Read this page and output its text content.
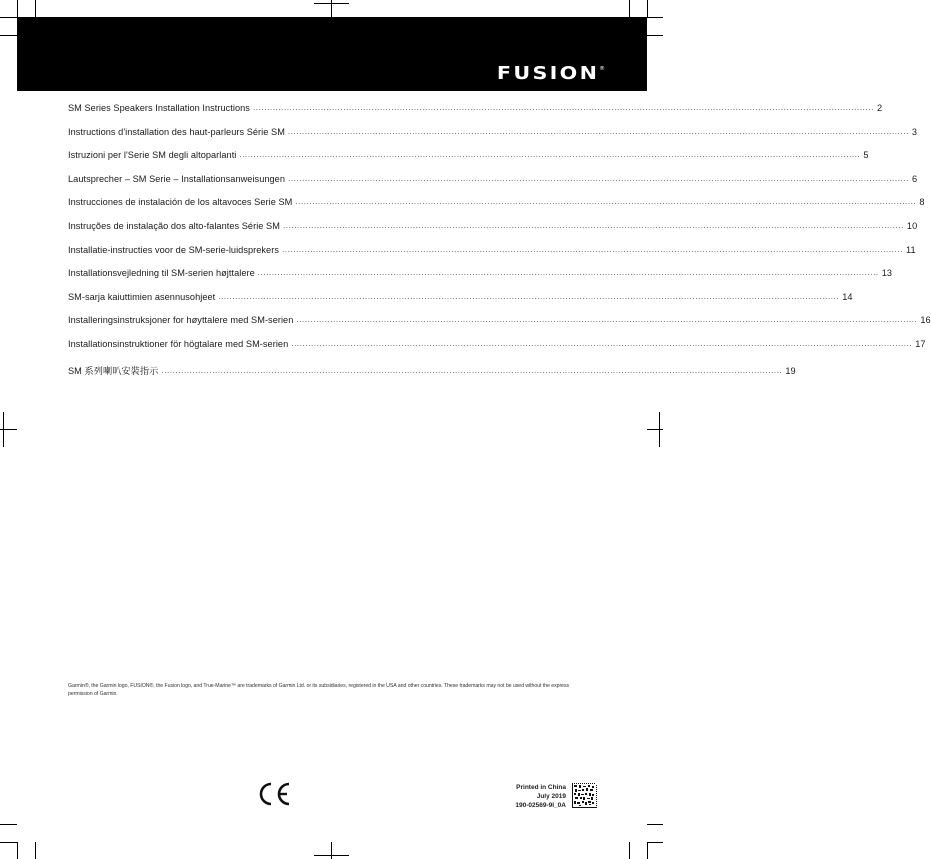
FUSION®
SM Series Speakers Installation Instructions ............................................................................................................................................................................................................................ 2
Instructions d'installation des haut-parleurs Série SM ............................................................................................................................................................................................................................ 3
Istruzioni per l'Serie SM degli altoparlanti ............................................................................................................................................................................................................................ 5
Lautsprecher – SM Serie – Installationsanweisungen ............................................................................................................................................................................................................................ 6
Instrucciones de instalación de los altavoces Serie SM ............................................................................................................................................................................................................................ 8
Instruções de instalação dos alto-falantes Série SM ............................................................................................................................................................................................................................ 10
Installatie-instructies voor de SM-serie-luidsprekers ............................................................................................................................................................................................................................ 11
Installationsvejledning til SM-serien højttalere ............................................................................................................................................................................................................................ 13
SM-sarja kaiuttimien asennusohjeet ............................................................................................................................................................................................................................ 14
Installeringsinstruksjoner for høyttalere med SM-serien ............................................................................................................................................................................................................................ 16
Installationsinstruktioner för högtalare med SM-serien ............................................................................................................................................................................................................................ 17
SM 系列喇叭安裝指示 ............................................................................................................................................................................................................................ 19
Garmin®, the Garmin logo, FUSION®, the Fusion logo, and True-Marine™ are trademarks of Garmin Ltd. or its subsidiaries, registered in the USA and other countries. These trademarks may not be used without the express permission of Garmin.
Printed in China
July 2019
190-02569-9I_0A
